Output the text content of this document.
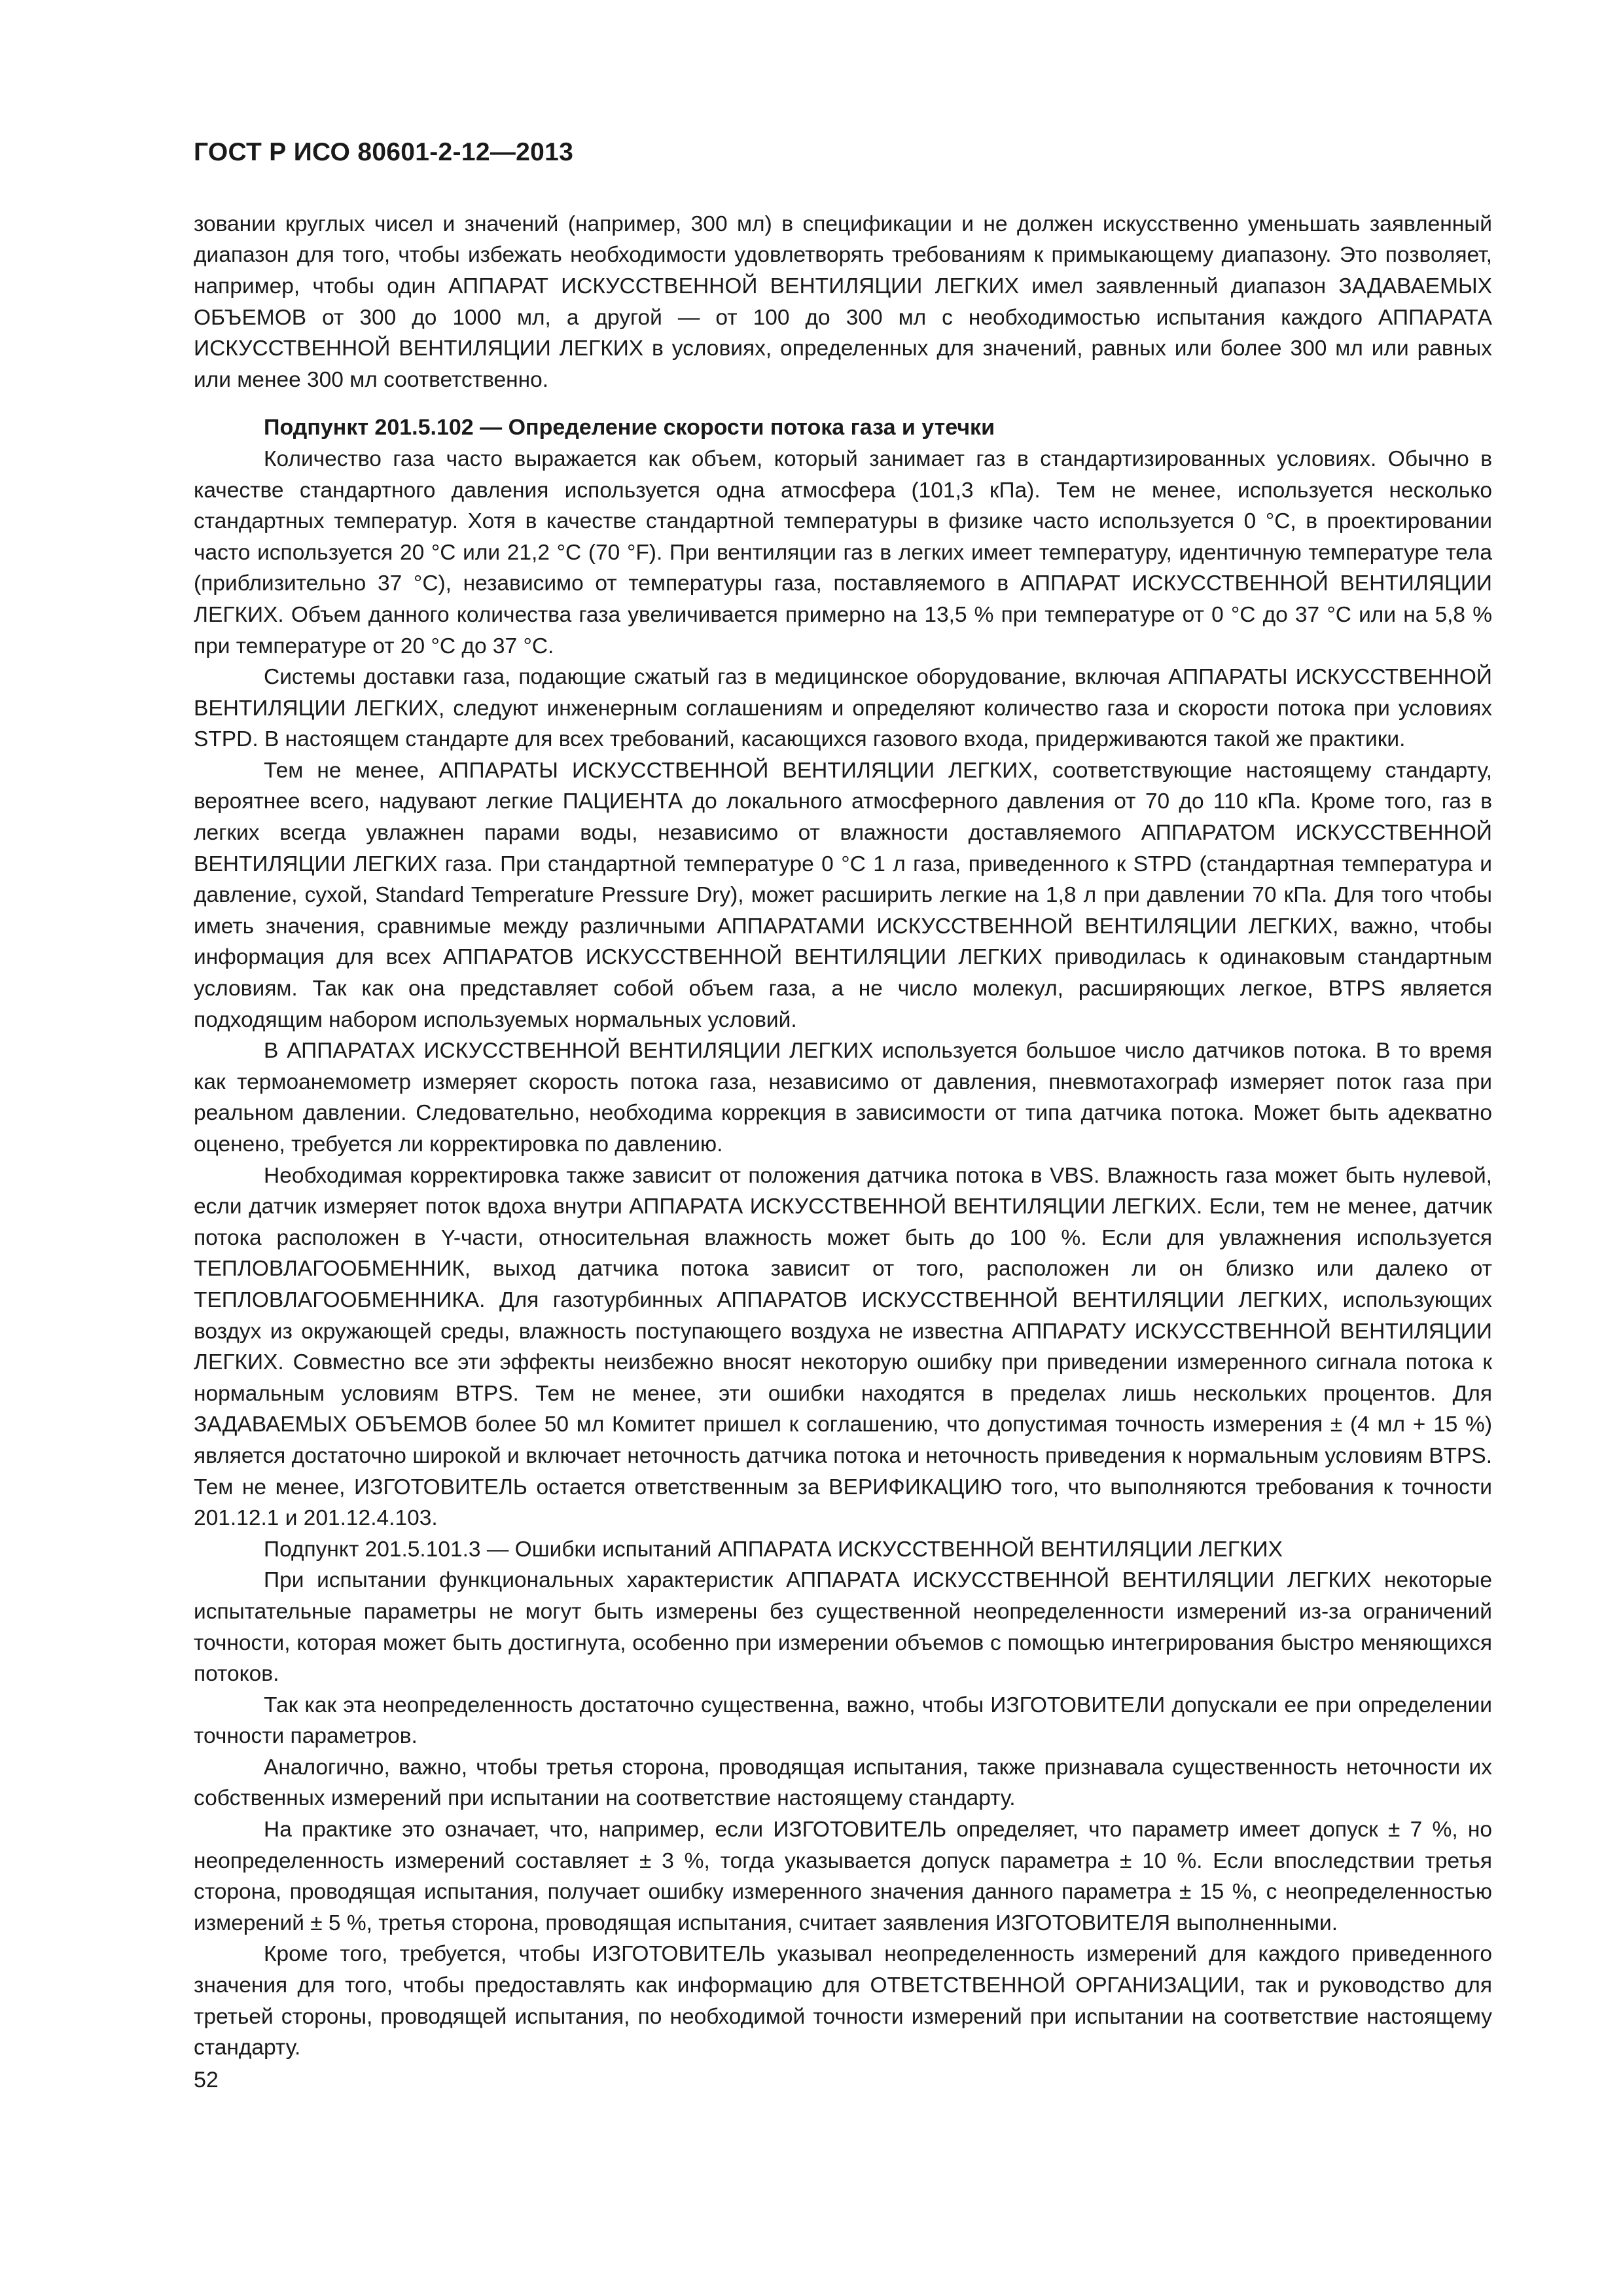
ГОСТ Р ИСО 80601-2-12—2013

зовании круглых чисел и значений (например, 300 мл) в спецификации и не должен искусственно уменьшать заявленный диапазон для того, чтобы избежать необходимости удовлетворять требованиям к примыкающему диапазону. Это позволяет, например, чтобы один АППАРАТ ИСКУССТВЕННОЙ ВЕНТИЛЯЦИИ ЛЕГКИХ имел заявленный диапазон ЗАДАВАЕМЫХ ОБЪЕМОВ от 300 до 1000 мл, а другой — от 100 до 300 мл с необходимостью испытания каждого АППАРАТА ИСКУССТВЕННОЙ ВЕНТИЛЯЦИИ ЛЕГКИХ в условиях, определенных для значений, равных или более 300 мл или равных или менее 300 мл соответственно.

Подпункт 201.5.102 — Определение скорости потока газа и утечки

Количество газа часто выражается как объем, который занимает газ в стандартизированных условиях. Обычно в качестве стандартного давления используется одна атмосфера (101,3 кПа). Тем не менее, используется несколько стандартных температур. Хотя в качестве стандартной температуры в физике часто используется 0 °C, в проектировании часто используется 20 °C или 21,2 °C (70 °F). При вентиляции газ в легких имеет температуру, идентичную температуре тела (приблизительно 37 °C), независимо от температуры газа, поставляемого в АППАРАТ ИСКУССТВЕННОЙ ВЕНТИЛЯЦИИ ЛЕГКИХ. Объем данного количества газа увеличивается примерно на 13,5 % при температуре от 0 °C до 37 °C или на 5,8 % при температуре от 20 °C до 37 °C.

Системы доставки газа, подающие сжатый газ в медицинское оборудование, включая АППАРАТЫ ИСКУССТВЕННОЙ ВЕНТИЛЯЦИИ ЛЕГКИХ, следуют инженерным соглашениям и определяют количество газа и скорости потока при условиях STPD. В настоящем стандарте для всех требований, касающихся газового входа, придерживаются такой же практики.

Тем не менее, АППАРАТЫ ИСКУССТВЕННОЙ ВЕНТИЛЯЦИИ ЛЕГКИХ, соответствующие настоящему стандарту, вероятнее всего, надувают легкие ПАЦИЕНТА до локального атмосферного давления от 70 до 110 кПа. Кроме того, газ в легких всегда увлажнен парами воды, независимо от влажности доставляемого АППАРАТОМ ИСКУССТВЕННОЙ ВЕНТИЛЯЦИИ ЛЕГКИХ газа. При стандартной температуре 0 °C 1 л газа, приведенного к STPD (стандартная температура и давление, сухой, Standard Temperature Pressure Dry), может расширить легкие на 1,8 л при давлении 70 кПа. Для того чтобы иметь значения, сравнимые между различными АППАРАТАМИ ИСКУССТВЕННОЙ ВЕНТИЛЯЦИИ ЛЕГКИХ, важно, чтобы информация для всех АППАРАТОВ ИСКУССТВЕННОЙ ВЕНТИЛЯЦИИ ЛЕГКИХ приводилась к одинаковым стандартным условиям. Так как она представляет собой объем газа, а не число молекул, расширяющих легкое, BTPS является подходящим набором используемых нормальных условий.

В АППАРАТАХ ИСКУССТВЕННОЙ ВЕНТИЛЯЦИИ ЛЕГКИХ используется большое число датчиков потока. В то время как термоанемометр измеряет скорость потока газа, независимо от давления, пневмотахограф измеряет поток газа при реальном давлении. Следовательно, необходима коррекция в зависимости от типа датчика потока. Может быть адекватно оценено, требуется ли корректировка по давлению.

Необходимая корректировка также зависит от положения датчика потока в VBS. Влажность газа может быть нулевой, если датчик измеряет поток вдоха внутри АППАРАТА ИСКУССТВЕННОЙ ВЕНТИЛЯЦИИ ЛЕГКИХ. Если, тем не менее, датчик потока расположен в Y-части, относительная влажность может быть до 100 %. Если для увлажнения используется ТЕПЛОВЛАГООБМЕННИК, выход датчика потока зависит от того, расположен ли он близко или далеко от ТЕПЛОВЛАГООБМЕННИКА. Для газотурбинных АППАРАТОВ ИСКУССТВЕННОЙ ВЕНТИЛЯЦИИ ЛЕГКИХ, использующих воздух из окружающей среды, влажность поступающего воздуха не известна АППАРАТУ ИСКУССТВЕННОЙ ВЕНТИЛЯЦИИ ЛЕГКИХ. Совместно все эти эффекты неизбежно вносят некоторую ошибку при приведении измеренного сигнала потока к нормальным условиям BTPS. Тем не менее, эти ошибки находятся в пределах лишь нескольких процентов. Для ЗАДАВАЕМЫХ ОБЪЕМОВ более 50 мл Комитет пришел к соглашению, что допустимая точность измерения ± (4 мл + 15 %) является достаточно широкой и включает неточность датчика потока и неточность приведения к нормальным условиям BTPS. Тем не менее, ИЗГОТОВИТЕЛЬ остается ответственным за ВЕРИФИКАЦИЮ того, что выполняются требования к точности 201.12.1 и 201.12.4.103.

Подпункт 201.5.101.3 — Ошибки испытаний АППАРАТА ИСКУССТВЕННОЙ ВЕНТИЛЯЦИИ ЛЕГКИХ

При испытании функциональных характеристик АППАРАТА ИСКУССТВЕННОЙ ВЕНТИЛЯЦИИ ЛЕГКИХ некоторые испытательные параметры не могут быть измерены без существенной неопределенности измерений из-за ограничений точности, которая может быть достигнута, особенно при измерении объемов с помощью интегрирования быстро меняющихся потоков.

Так как эта неопределенность достаточно существенна, важно, чтобы ИЗГОТОВИТЕЛИ допускали ее при определении точности параметров.

Аналогично, важно, чтобы третья сторона, проводящая испытания, также признавала существенность неточности их собственных измерений при испытании на соответствие настоящему стандарту.

На практике это означает, что, например, если ИЗГОТОВИТЕЛЬ определяет, что параметр имеет допуск ± 7 %, но неопределенность измерений составляет ± 3 %, тогда указывается допуск параметра ± 10 %. Если впоследствии третья сторона, проводящая испытания, получает ошибку измеренного значения данного параметра ± 15 %, с неопределенностью измерений ± 5 %, третья сторона, проводящая испытания, считает заявления ИЗГОТОВИТЕЛЯ выполненными.

Кроме того, требуется, чтобы ИЗГОТОВИТЕЛЬ указывал неопределенность измерений для каждого приведенного значения для того, чтобы предоставлять как информацию для ОТВЕТСТВЕННОЙ ОРГАНИЗАЦИИ, так и руководство для третьей стороны, проводящей испытания, по необходимой точности измерений при испытании на соответствие настоящему стандарту.

52
